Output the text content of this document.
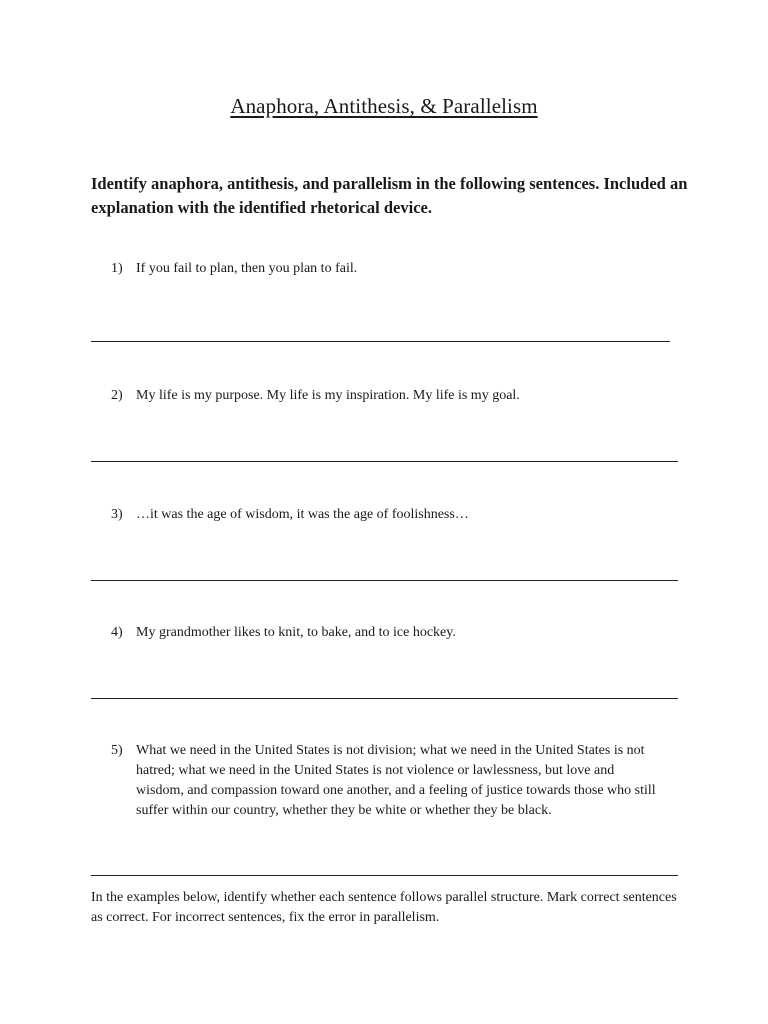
Anaphora, Antithesis, & Parallelism
Identify anaphora, antithesis, and parallelism in the following sentences. Included an explanation with the identified rhetorical device.
1) If you fail to plan, then you plan to fail.
2) My life is my purpose. My life is my inspiration. My life is my goal.
3) …it was the age of wisdom, it was the age of foolishness…
4) My grandmother likes to knit, to bake, and to ice hockey.
5) What we need in the United States is not division; what we need in the United States is not hatred; what we need in the United States is not violence or lawlessness, but love and wisdom, and compassion toward one another, and a feeling of justice towards those who still suffer within our country, whether they be white or whether they be black.
In the examples below, identify whether each sentence follows parallel structure. Mark correct sentences as correct. For incorrect sentences, fix the error in parallelism.
